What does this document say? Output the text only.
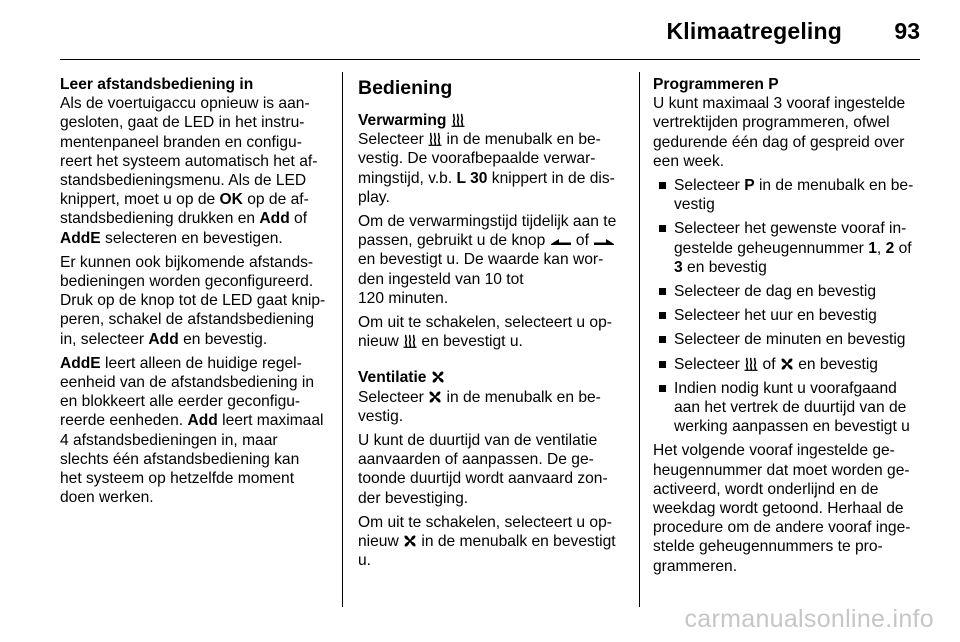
Klimaatregeling 93
Leer afstandsbediening in
Als de voertuigaccu opnieuw is aan-
gesloten, gaat de LED in het instru-
mentenpaneel branden en configu-
reert het systeem automatisch het af-
standsbedieningsmenu. Als de LED
knippert, moet u op de OK op de af-
standsbediening drukken en Add of
AddE selecteren en bevestigen.
Er kunnen ook bijkomende afstands-
bedieningen worden geconfigureerd.
Druk op de knop tot de LED gaat knip-
peren, schakel de afstandsbediening
in, selecteer Add en bevestig.
AddE leert alleen de huidige regel-
eenheid van de afstandsbediening in
en blokkeert alle eerder geconfigu-
reerde eenheden. Add leert maximaal
4 afstandsbedieningen in, maar
slechts één afstandsbediening kan
het systeem op hetzelfde moment
doen werken.
Bediening
Verwarming
Selecteer  in de menubalk en be-
vestig. De voorafbepaalde verwar-
mingstijd, v.b. L 30 knippert in de dis-
play.
Om de verwarmingstijd tijdelijk aan te
passen, gebruikt u de knop  of
en bevestigt u. De waarde kan wor-
den ingesteld van 10 tot
120 minuten.
Om uit te schakelen, selecteert u op-
nieuw  en bevestigt u.
Ventilatie
Selecteer  in de menubalk en be-
vestig.
U kunt de duurtijd van de ventilatie
aanvaarden of aanpassen. De ge-
toonde duurtijd wordt aanvaard zon-
der bevestiging.
Om uit te schakelen, selecteert u op-
nieuw  in de menubalk en bevestigt
u.
Programmeren P
U kunt maximaal 3 vooraf ingestelde
vertrektijden programmeren, ofwel
gedurende één dag of gespreid over
een week.
Selecteer P in de menubalk en be-
vestig
Selecteer het gewenste vooraf in-
gestelde geheugennummer 1, 2 of
3 en bevestig
Selecteer de dag en bevestig
Selecteer het uur en bevestig
Selecteer de minuten en bevestig
Selecteer  of  en bevestig
Indien nodig kunt u voorafgaand
aan het vertrek de duurtijd van de
werking aanpassen en bevestigt u
Het volgende vooraf ingestelde ge-
heugennummer dat moet worden ge-
activeerd, wordt onderlijnd en de
weekdag wordt getoond. Herhaal de
procedure om de andere vooraf inge-
stelde geheugennummers te pro-
grammeren.
carmanualsonline.info
